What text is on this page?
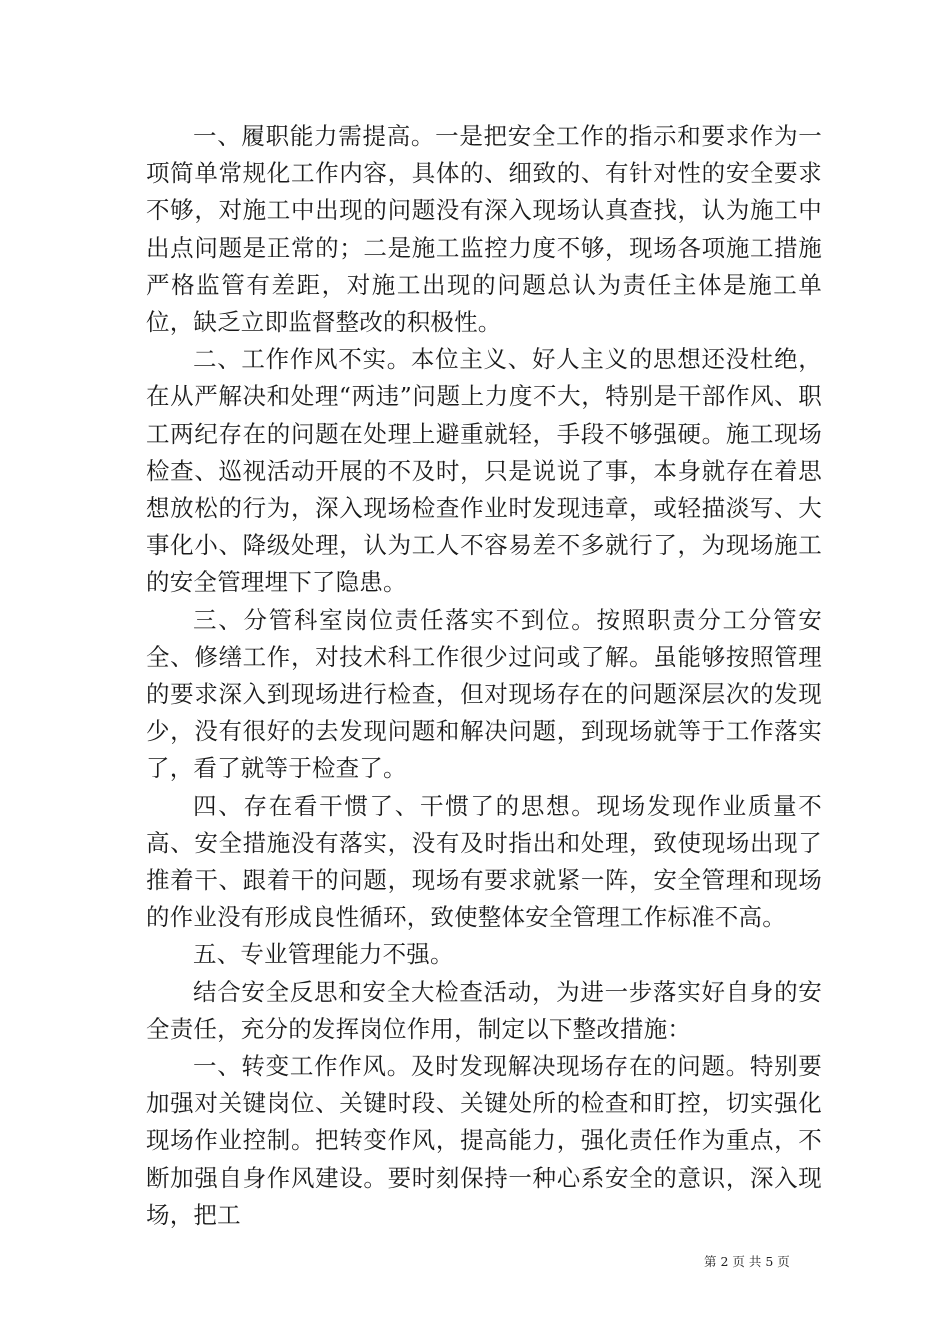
一、履职能力需提高。一是把安全工作的指示和要求作为一项简单常规化工作内容，具体的、细致的、有针对性的安全要求不够，对施工中出现的问题没有深入现场认真查找，认为施工中出点问题是正常的；二是施工监控力度不够，现场各项施工措施严格监管有差距，对施工出现的问题总认为责任主体是施工单位，缺乏立即监督整改的积极性。

二、工作作风不实。本位主义、好人主义的思想还没杜绝，在从严解决和处理“两违”问题上力度不大，特别是干部作风、职工两纪存在的问题在处理上避重就轻，手段不够强硬。施工现场检查、巡视活动开展的不及时，只是说说了事，本身就存在着思想放松的行为，深入现场检查作业时发现违章，或轻描淡写、大事化小、降级处理，认为工人不容易差不多就行了，为现场施工的安全管理埋下了隐患。

三、分管科室岗位责任落实不到位。按照职责分工分管安全、修缮工作，对技术科工作很少过问或了解。虽能够按照管理的要求深入到现场进行检查，但对现场存在的问题深层次的发现少，没有很好的去发现问题和解决问题，到现场就等于工作落实了，看了就等于检查了。

四、存在看干惯了、干惯了的思想。现场发现作业质量不高、安全措施没有落实，没有及时指出和处理，致使现场出现了推着干、跟着干的问题，现场有要求就紧一阵，安全管理和现场的作业没有形成良性循环，致使整体安全管理工作标准不高。

五、专业管理能力不强。

结合安全反思和安全大检查活动，为进一步落实好自身的安全责任，充分的发挥岗位作用，制定以下整改措施：

一、转变工作作风。及时发现解决现场存在的问题。特别要加强对关键岗位、关键时段、关键处所的检查和盯控，切实强化现场作业控制。把转变作风，提高能力，强化责任作为重点，不断加强自身作风建设。要时刻保持一种心系安全的意识，深入现场，把工

第 2 页 共 5 页
